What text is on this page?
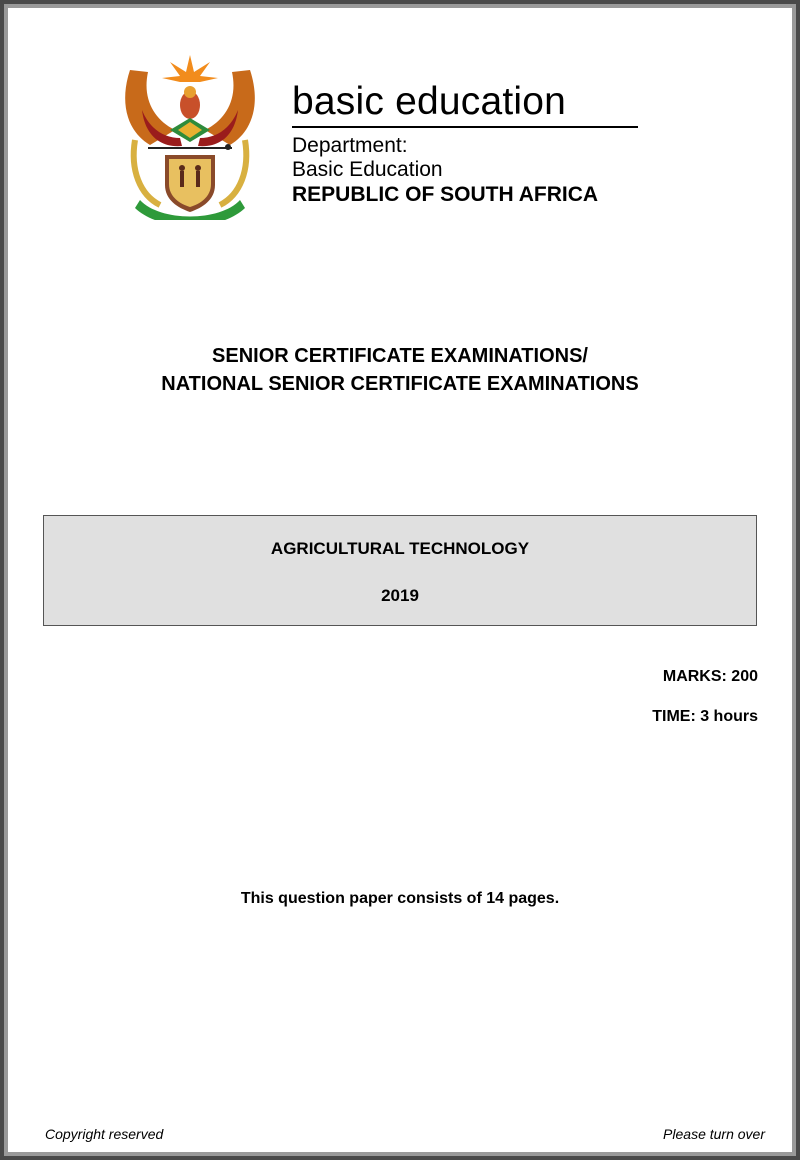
basic education
Department:
Basic Education
REPUBLIC OF SOUTH AFRICA
SENIOR CERTIFICATE EXAMINATIONS/
NATIONAL SENIOR CERTIFICATE EXAMINATIONS
AGRICULTURAL TECHNOLOGY
2019
MARKS: 200
TIME: 3 hours
This question paper consists of 14 pages.
Copyright reserved	Please turn over
